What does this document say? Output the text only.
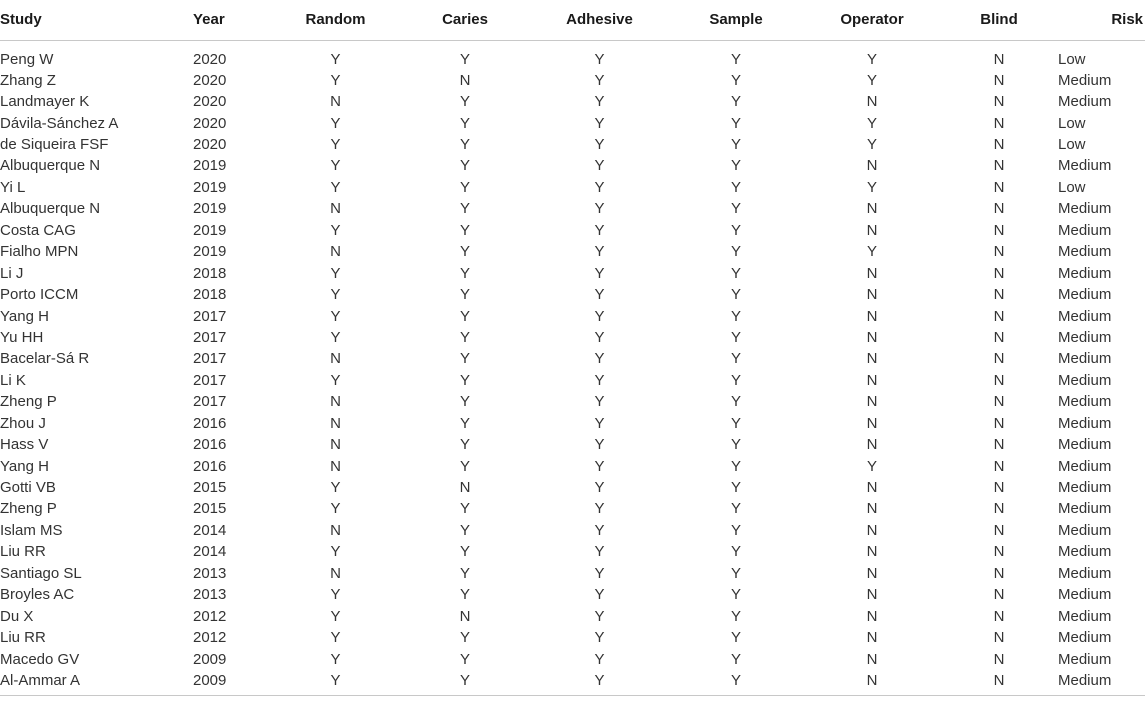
Study	Year	Random	Caries	Adhesive	Sample	Operator	Blind	Risk
Peng W	2020	Y	Y	Y	Y	Y	N	Low
Zhang Z	2020	Y	N	Y	Y	Y	N	Medium
Landmayer K	2020	N	Y	Y	Y	N	N	Medium
Dávila-Sánchez A	2020	Y	Y	Y	Y	Y	N	Low
de Siqueira FSF	2020	Y	Y	Y	Y	Y	N	Low
Albuquerque N	2019	Y	Y	Y	Y	N	N	Medium
Yi L	2019	Y	Y	Y	Y	Y	N	Low
Albuquerque N	2019	N	Y	Y	Y	N	N	Medium
Costa CAG	2019	Y	Y	Y	Y	N	N	Medium
Fialho MPN	2019	N	Y	Y	Y	Y	N	Medium
Li J	2018	Y	Y	Y	Y	N	N	Medium
Porto ICCM	2018	Y	Y	Y	Y	N	N	Medium
Yang H	2017	Y	Y	Y	Y	N	N	Medium
Yu HH	2017	Y	Y	Y	Y	N	N	Medium
Bacelar-Sá R	2017	N	Y	Y	Y	N	N	Medium
Li K	2017	Y	Y	Y	Y	N	N	Medium
Zheng P	2017	N	Y	Y	Y	N	N	Medium
Zhou J	2016	N	Y	Y	Y	N	N	Medium
Hass V	2016	N	Y	Y	Y	N	N	Medium
Yang H	2016	N	Y	Y	Y	Y	N	Medium
Gotti VB	2015	Y	N	Y	Y	N	N	Medium
Zheng P	2015	Y	Y	Y	Y	N	N	Medium
Islam MS	2014	N	Y	Y	Y	N	N	Medium
Liu RR	2014	Y	Y	Y	Y	N	N	Medium
Santiago SL	2013	N	Y	Y	Y	N	N	Medium
Broyles AC	2013	Y	Y	Y	Y	N	N	Medium
Du X	2012	Y	N	Y	Y	N	N	Medium
Liu RR	2012	Y	Y	Y	Y	N	N	Medium
Macedo GV	2009	Y	Y	Y	Y	N	N	Medium
Al-Ammar A	2009	Y	Y	Y	Y	N	N	Medium
